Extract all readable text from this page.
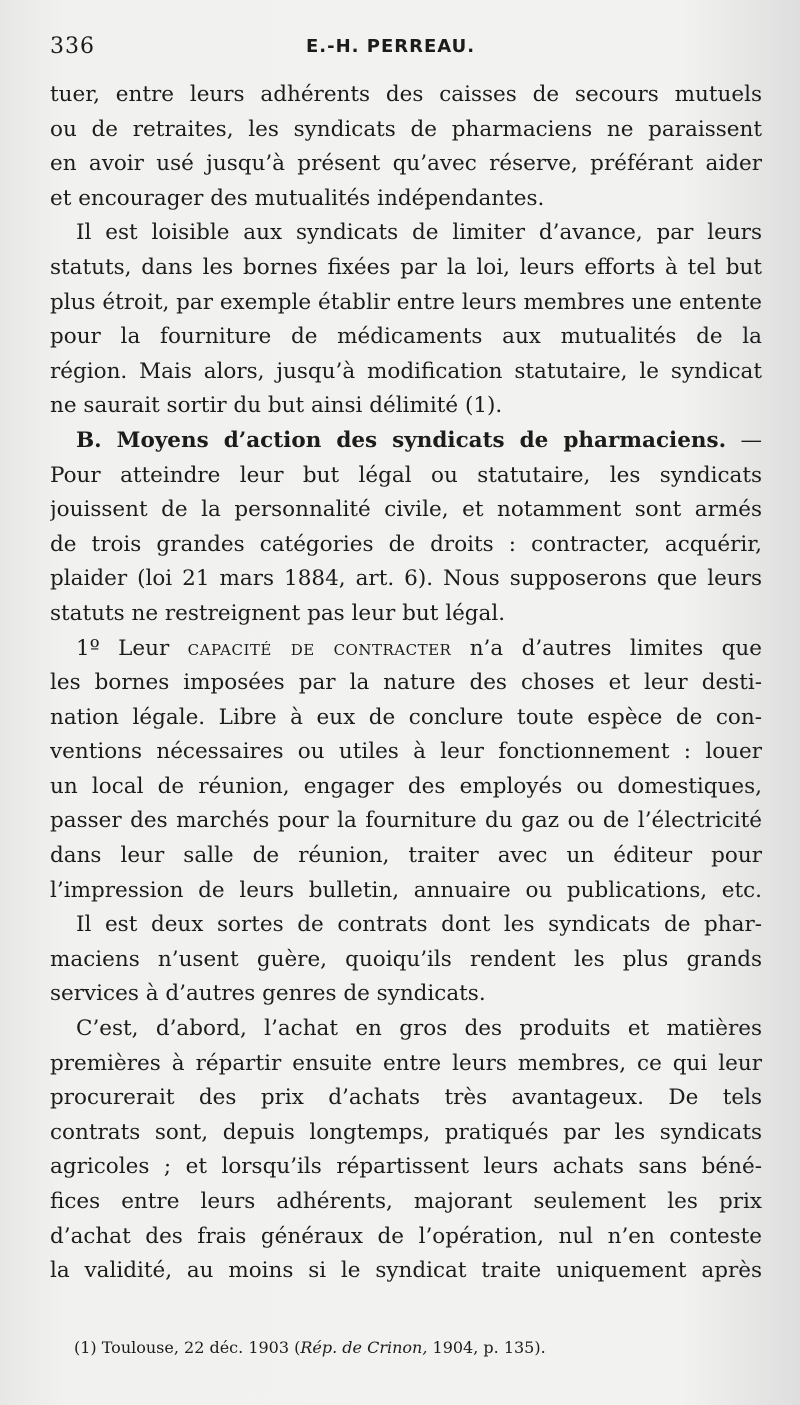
336	E.-H. PERREAU.
tuer, entre leurs adhérents des caisses de secours mutuels
ou de retraites, les syndicats de pharmaciens ne paraissent
en avoir usé jusqu’à présent qu’avec réserve, préférant aider
et encourager des mutualités indépendantes.
Il est loisible aux syndicats de limiter d’avance, par leurs
statuts, dans les bornes fixées par la loi, leurs efforts à tel but
plus étroit, par exemple établir entre leurs membres une entente
pour la fourniture de médicaments aux mutualités de la
région. Mais alors, jusqu’à modification statutaire, le syndicat
ne saurait sortir du but ainsi délimité (1).
B. Moyens d’action des syndicats de pharmaciens. —
Pour atteindre leur but légal ou statutaire, les syndicats
jouissent de la personnalité civile, et notamment sont armés
de trois grandes catégories de droits : contracter, acquérir,
plaider (loi 21 mars 1884, art. 6). Nous supposerons que leurs
statuts ne restreignent pas leur but légal.
1º Leur capacité de contracter n’a d’autres limites que
les bornes imposées par la nature des choses et leur desti-
nation légale. Libre à eux de conclure toute espèce de con-
ventions nécessaires ou utiles à leur fonctionnement : louer
un local de réunion, engager des employés ou domestiques,
passer des marchés pour la fourniture du gaz ou de l’électricité
dans leur salle de réunion, traiter avec un éditeur pour
l’impression de leurs bulletin, annuaire ou publications, etc.
Il est deux sortes de contrats dont les syndicats de phar-
maciens n’usent guère, quoiqu’ils rendent les plus grands
services à d’autres genres de syndicats.
C’est, d’abord, l’achat en gros des produits et matières
premières à répartir ensuite entre leurs membres, ce qui leur
procurerait des prix d’achats très avantageux. De tels
contrats sont, depuis longtemps, pratiqués par les syndicats
agricoles ; et lorsqu’ils répartissent leurs achats sans béné-
fices entre leurs adhérents, majorant seulement les prix
d’achat des frais généraux de l’opération, nul n’en conteste
la validité, au moins si le syndicat traite uniquement après
(1) Toulouse, 22 déc. 1903 (Rép. de Crinon, 1904, p. 135).
